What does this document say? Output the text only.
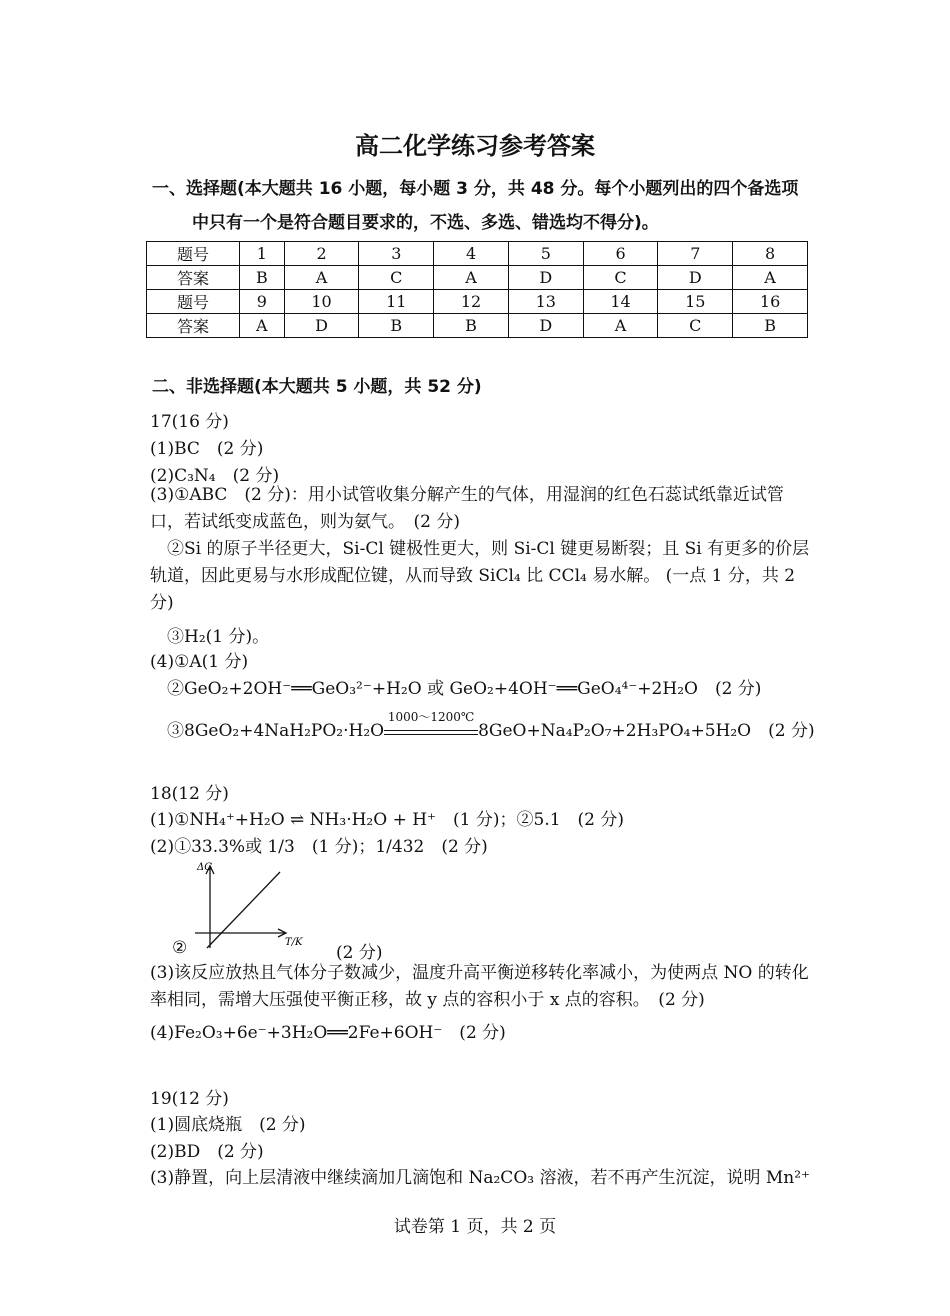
高二化学练习参考答案
一、选择题(本大题共 16 小题，每小题 3 分，共 48 分。每个小题列出的四个备选项
中只有一个是符合题目要求的，不选、多选、错选均不得分)。
题号	1	2	3	4	5	6	7	8
答案	B	A	C	A	D	C	D	A
题号	9	10	11	12	13	14	15	16
答案	A	D	B	B	D	A	C	B
二、非选择题(本大题共 5 小题，共 52 分)
17(16 分)
(1)BC　(2 分)
(2)C₃N₄　(2 分)
(3)①ABC　(2 分)：用小试管收集分解产生的气体，用湿润的红色石蕊试纸靠近试管口，若试纸变成蓝色，则为氨气。　(2 分)
　②Si 的原子半径更大，Si-Cl 键极性更大，则 Si-Cl 键更易断裂；且 Si 有更多的价层轨道，因此更易与水形成配位键，从而导致 SiCl₄ 比 CCl₄ 易水解。 (一点 1 分，共 2 分)
　③H₂(1 分)。
(4)①A(1 分)
　②GeO₂+2OH⁻══GeO₃²⁻+H₂O 或 GeO₂+4OH⁻══GeO₄⁴⁻+2H₂O　(2 分)
　③8GeO₂+4NaH₂PO₂·H₂O
1000～1200℃
8GeO+Na₄P₂O₇+2H₃PO₄+5H₂O　(2 分)
18(12 分)
(1)①NH₄⁺+H₂O ⇌ NH₃·H₂O + H⁺　(1 分)；②5.1　(2 分)
(2)①33.3%或 1/3　(1 分)；1/432　(2 分)
ΔG
T/K
②	(2 分)
(3)该反应放热且气体分子数减少，温度升高平衡逆移转化率减小，为使两点 NO 的转化率相同，需增大压强使平衡正移，故 y 点的容积小于 x 点的容积。　(2 分)
(4)Fe₂O₃+6e⁻+3H₂O══2Fe+6OH⁻　(2 分)
19(12 分)
(1)圆底烧瓶　(2 分)
(2)BD　(2 分)
(3)静置，向上层清液中继续滴加几滴饱和 Na₂CO₃ 溶液，若不再产生沉淀，说明 Mn²⁺
试卷第 1 页，共 2 页
